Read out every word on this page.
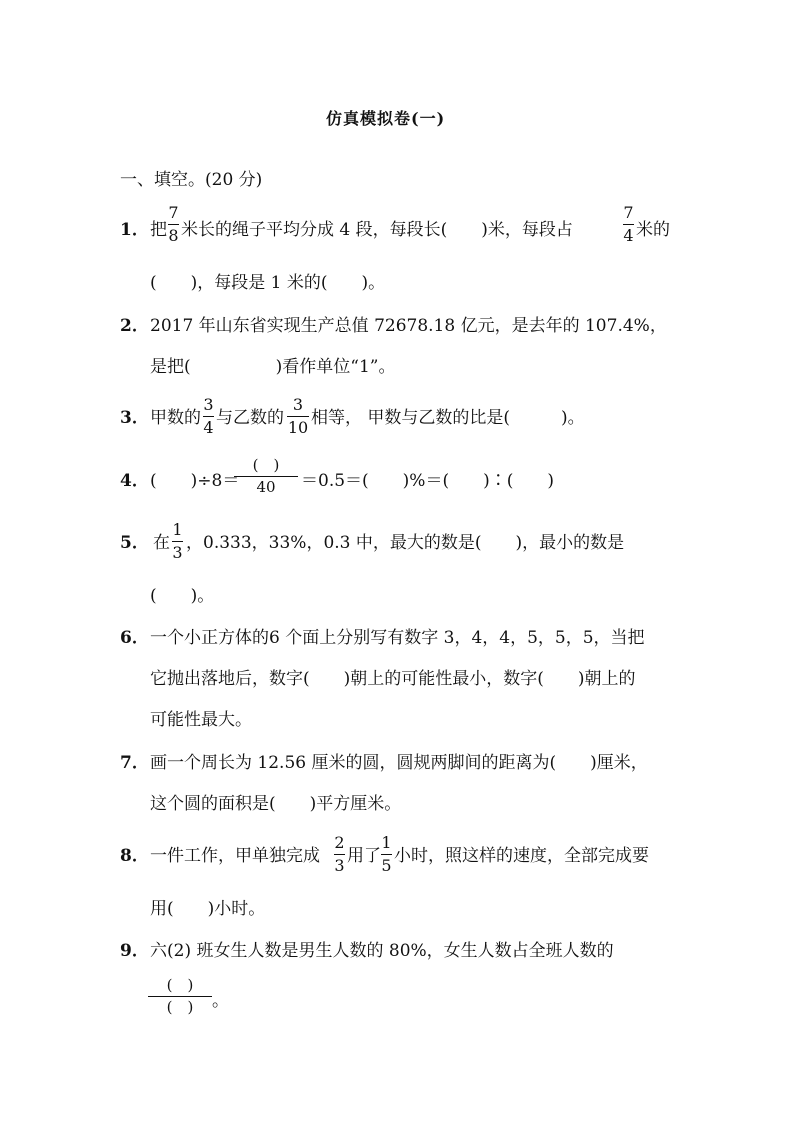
仿真模拟卷(一)
一、填空。(20 分)
1． 把
7
8 米长的绳子平均分成 4 段，每段长(　　)米，每段占
7
4 米的
(　　)，每段是 1 米的(　　)。
2． 2017 年山东省实现生产总值 72678.18 亿元，是去年的 107.4%，
是把(　　　　　)看作单位“1”。
3． 甲数的
3
4 与乙数的
3
10 相等， 甲数与乙数的比是(　　　)。
4． (　　)÷8＝
(　)
40	＝0.5＝(　　)%＝(　　)∶(　　)
5． 在
1
3 ，0.333，33%，0.3 中，最大的数是(　　)，最小的数是
(　　)。
6． 一个小正方体的6 个面上分别写有数字 3，4，4，5，5，5，当把
它抛出落地后，数字(　　)朝上的可能性最小，数字(　　)朝上的
可能性最大。
7． 画一个周长为 12.56 厘米的圆，圆规两脚间的距离为(　　)厘米，
这个圆的面积是(　　)平方厘米。
8． 一件工作，甲单独完成
2
3 用了
1
5 小时，照这样的速度，全部完成要
用(　　)小时。
9． 六(2) 班女生人数是男生人数的 80%，女生人数占全班人数的
(　)
(　)	。
